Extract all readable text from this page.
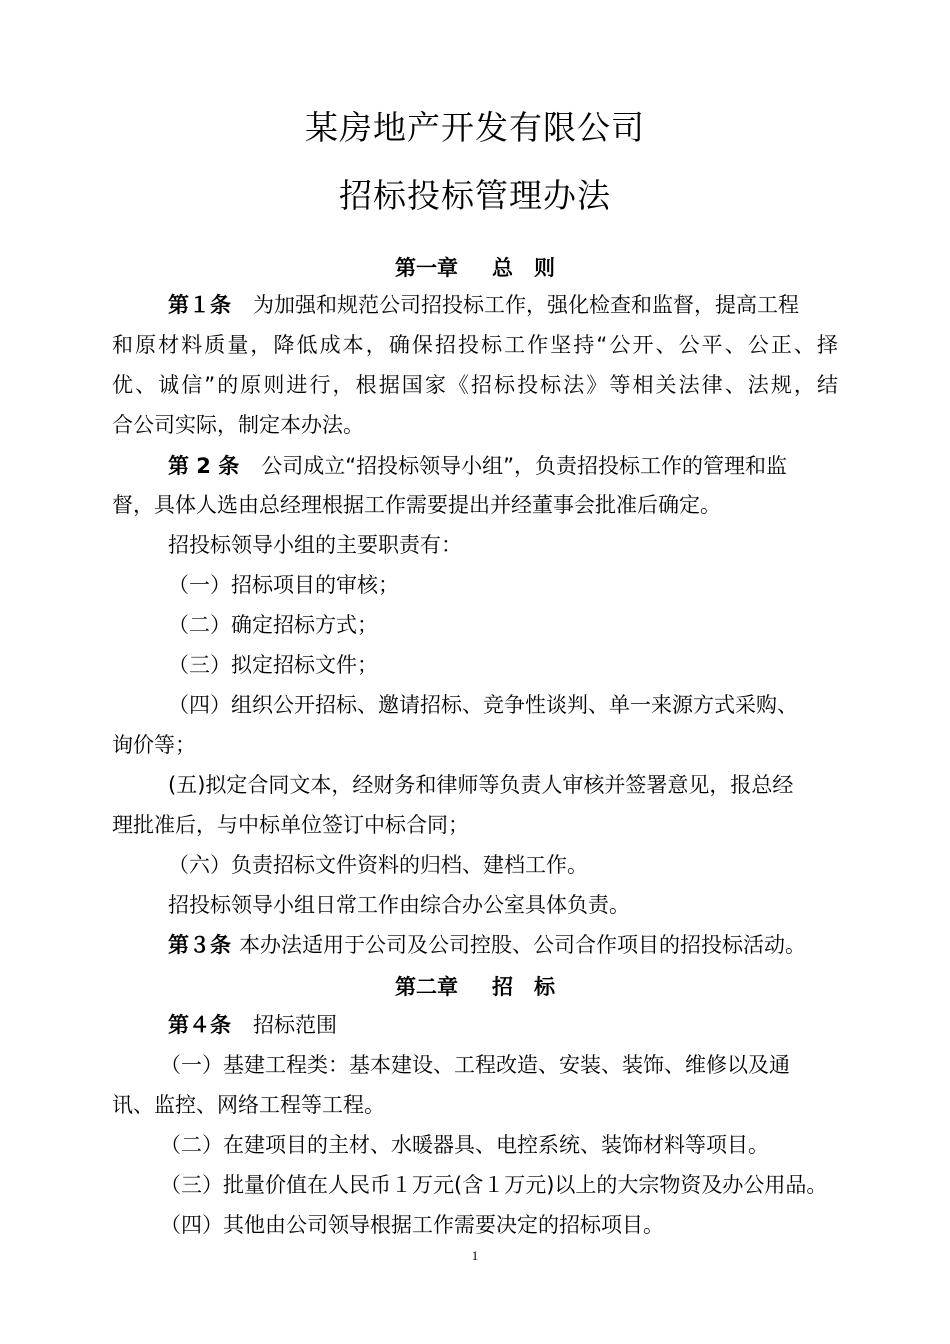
某房地产开发有限公司
招标投标管理办法
第一章 总 则
第１条 为加强和规范公司招投标工作，强化检查和监督，提高工程
和原材料质量，降低成本，确保招投标工作坚持“公开、公平、公正、择
优、诚信”的原则进行，根据国家《招标投标法》等相关法律、法规，结
合公司实际，制定本办法。
第 2 条 公司成立“招投标领导小组”，负责招投标工作的管理和监
督，具体人选由总经理根据工作需要提出并经董事会批准后确定。
招投标领导小组的主要职责有：
（一）招标项目的审核；
（二）确定招标方式；
（三）拟定招标文件；
（四）组织公开招标、邀请招标、竞争性谈判、单一来源方式采购、
询价等；
(五)拟定合同文本，经财务和律师等负责人审核并签署意见，报总经
理批准后，与中标单位签订中标合同；
（六）负责招标文件资料的归档、建档工作。
招投标领导小组日常工作由综合办公室具体负责。
第３条 本办法适用于公司及公司控股、公司合作项目的招投标活动。
第二章 招 标
第４条 招标范围
（一）基建工程类：基本建设、工程改造、安装、装饰、维修以及通
讯、监控、网络工程等工程。
（二）在建项目的主材、水暖器具、电控系统、装饰材料等项目。
（三）批量价值在人民币１万元(含１万元)以上的大宗物资及办公用品。
（四）其他由公司领导根据工作需要决定的招标项目。
1
